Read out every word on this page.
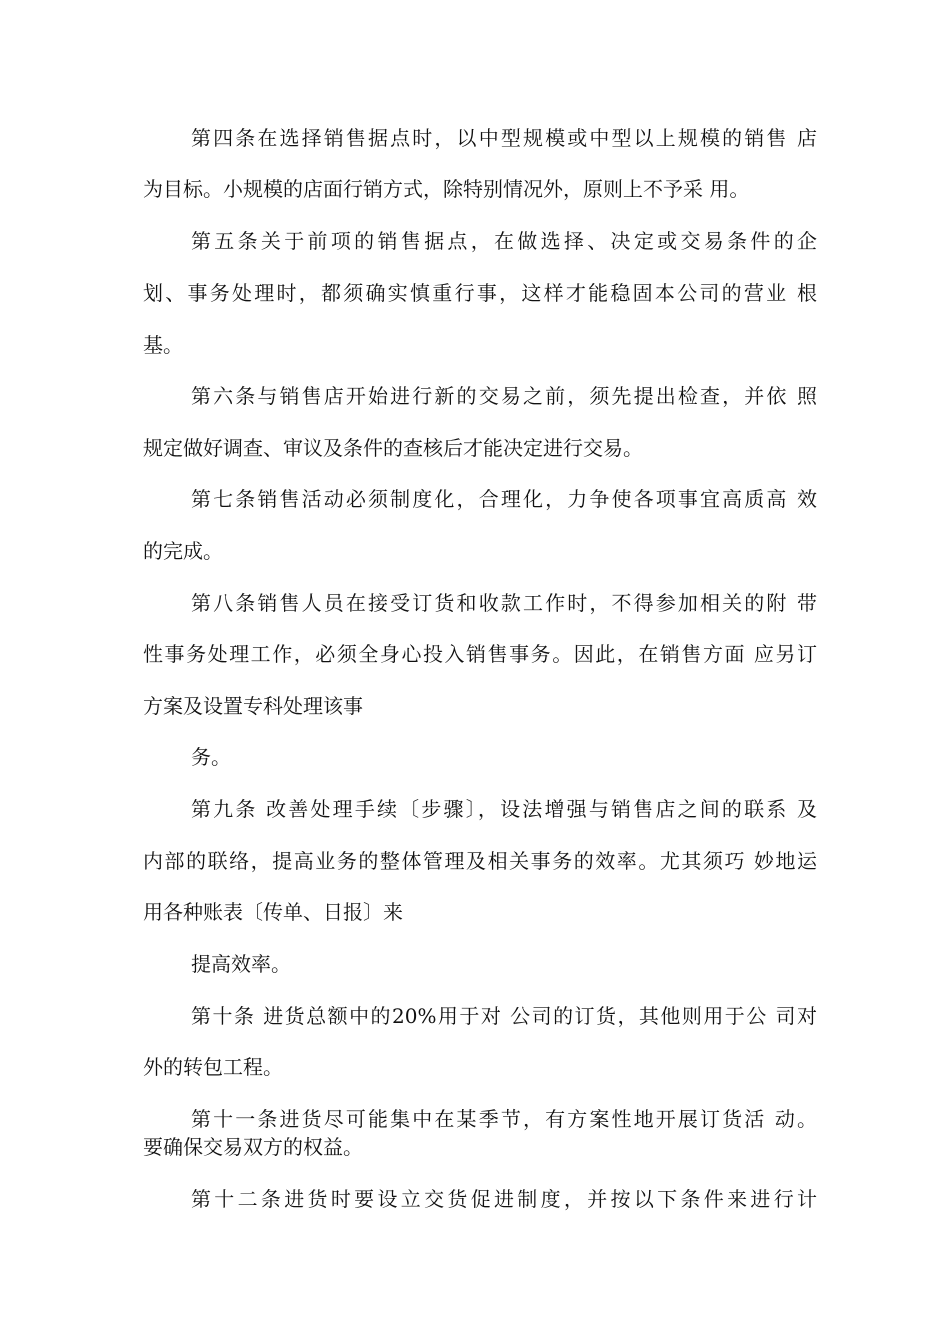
第四条在选择销售据点时，以中型规模或中型以上规模的销售 店
为目标。小规模的店面行销方式，除特别情况外，原则上不予采 用。
第五条关于前项的销售据点，在做选择、决定或交易条件的企
划、事务处理时，都须确实慎重行事，这样才能稳固本公司的营业 根
基。
第六条与销售店开始进行新的交易之前，须先提出检查，并依 照
规定做好调查、审议及条件的查核后才能决定进行交易。
第七条销售活动必须制度化，合理化，力争使各项事宜高质高 效
的完成。
第八条销售人员在接受订货和收款工作时，不得参加相关的附 带
性事务处理工作，必须全身心投入销售事务。因此，在销售方面 应另订
方案及设置专科处理该事
务。
第九条 改善处理手续〔步骤〕，设法增强与销售店之间的联系 及
内部的联络，提高业务的整体管理及相关事务的效率。尤其须巧 妙地运
用各种账表〔传单、日报〕来
提高效率。
第十条 进货总额中的20%用于对 公司的订货，其他则用于公 司对
外的转包工程。
第十一条进货尽可能集中在某季节，有方案性地开展订货活 动。
要确保交易双方的权益。
第十二条进货时要设立交货促进制度，并按以下条件来进行计
